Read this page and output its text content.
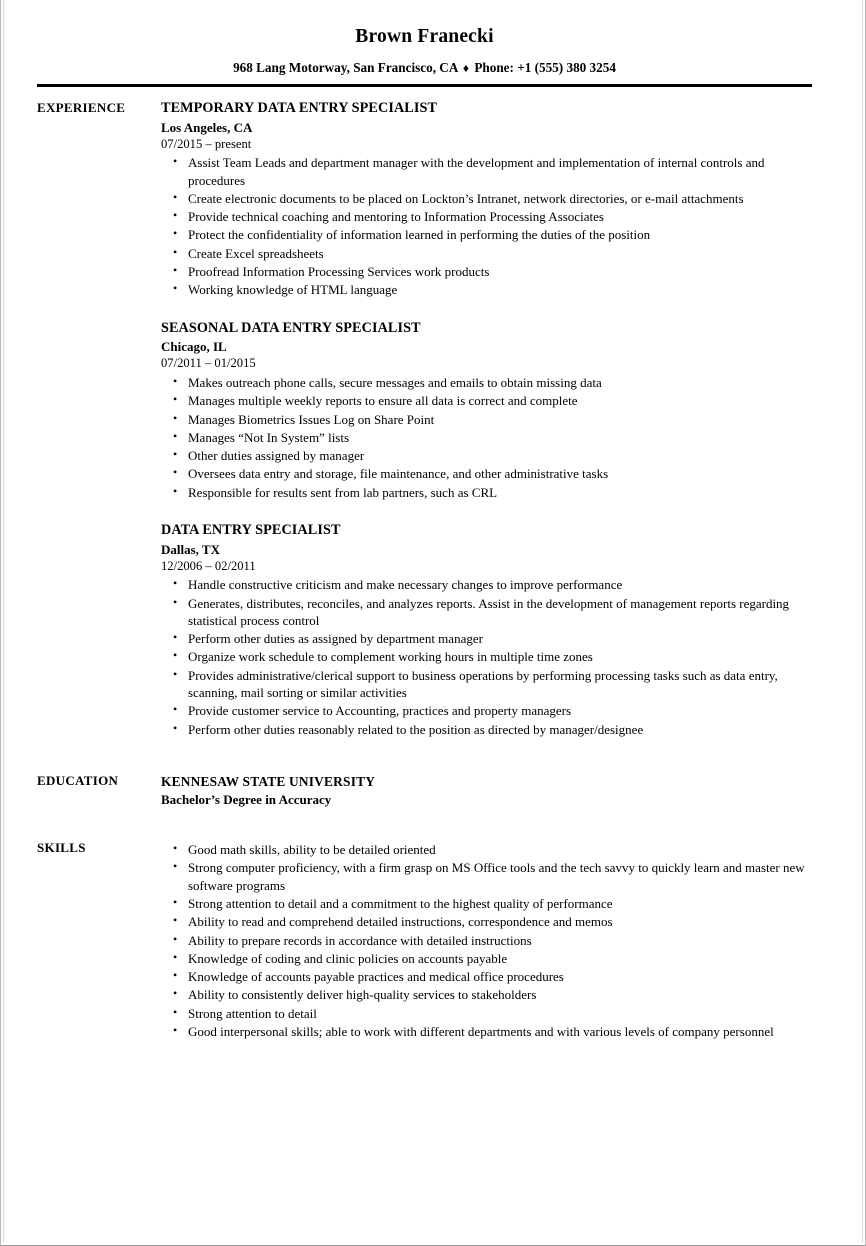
Brown Franecki
968 Lang Motorway, San Francisco, CA ♦ Phone: +1 (555) 380 3254
EXPERIENCE	TEMPORARY DATA ENTRY SPECIALIST
Los Angeles, CA
07/2015 – present
• Assist Team Leads and department manager with the development and implementation of internal controls and procedures
• Create electronic documents to be placed on Lockton’s Intranet, network directories, or e-mail attachments
• Provide technical coaching and mentoring to Information Processing Associates
• Protect the confidentiality of information learned in performing the duties of the position
• Create Excel spreadsheets
• Proofread Information Processing Services work products
• Working knowledge of HTML language
SEASONAL DATA ENTRY SPECIALIST
Chicago, IL
07/2011 – 01/2015
• Makes outreach phone calls, secure messages and emails to obtain missing data
• Manages multiple weekly reports to ensure all data is correct and complete
• Manages Biometrics Issues Log on Share Point
• Manages “Not In System” lists
• Other duties assigned by manager
• Oversees data entry and storage, file maintenance, and other administrative tasks
• Responsible for results sent from lab partners, such as CRL
DATA ENTRY SPECIALIST
Dallas, TX
12/2006 – 02/2011
• Handle constructive criticism and make necessary changes to improve performance
• Generates, distributes, reconciles, and analyzes reports. Assist in the development of management reports regarding statistical process control
• Perform other duties as assigned by department manager
• Organize work schedule to complement working hours in multiple time zones
• Provides administrative/clerical support to business operations by performing processing tasks such as data entry, scanning, mail sorting or similar activities
• Provide customer service to Accounting, practices and property managers
• Perform other duties reasonably related to the position as directed by manager/designee
EDUCATION	KENNESAW STATE UNIVERSITY
Bachelor’s Degree in Accuracy
SKILLS	• Good math skills, ability to be detailed oriented
• Strong computer proficiency, with a firm grasp on MS Office tools and the tech savvy to quickly learn and master new software programs
• Strong attention to detail and a commitment to the highest quality of performance
• Ability to read and comprehend detailed instructions, correspondence and memos
• Ability to prepare records in accordance with detailed instructions
• Knowledge of coding and clinic policies on accounts payable
• Knowledge of accounts payable practices and medical office procedures
• Ability to consistently deliver high-quality services to stakeholders
• Strong attention to detail
• Good interpersonal skills; able to work with different departments and with various levels of company personnel
